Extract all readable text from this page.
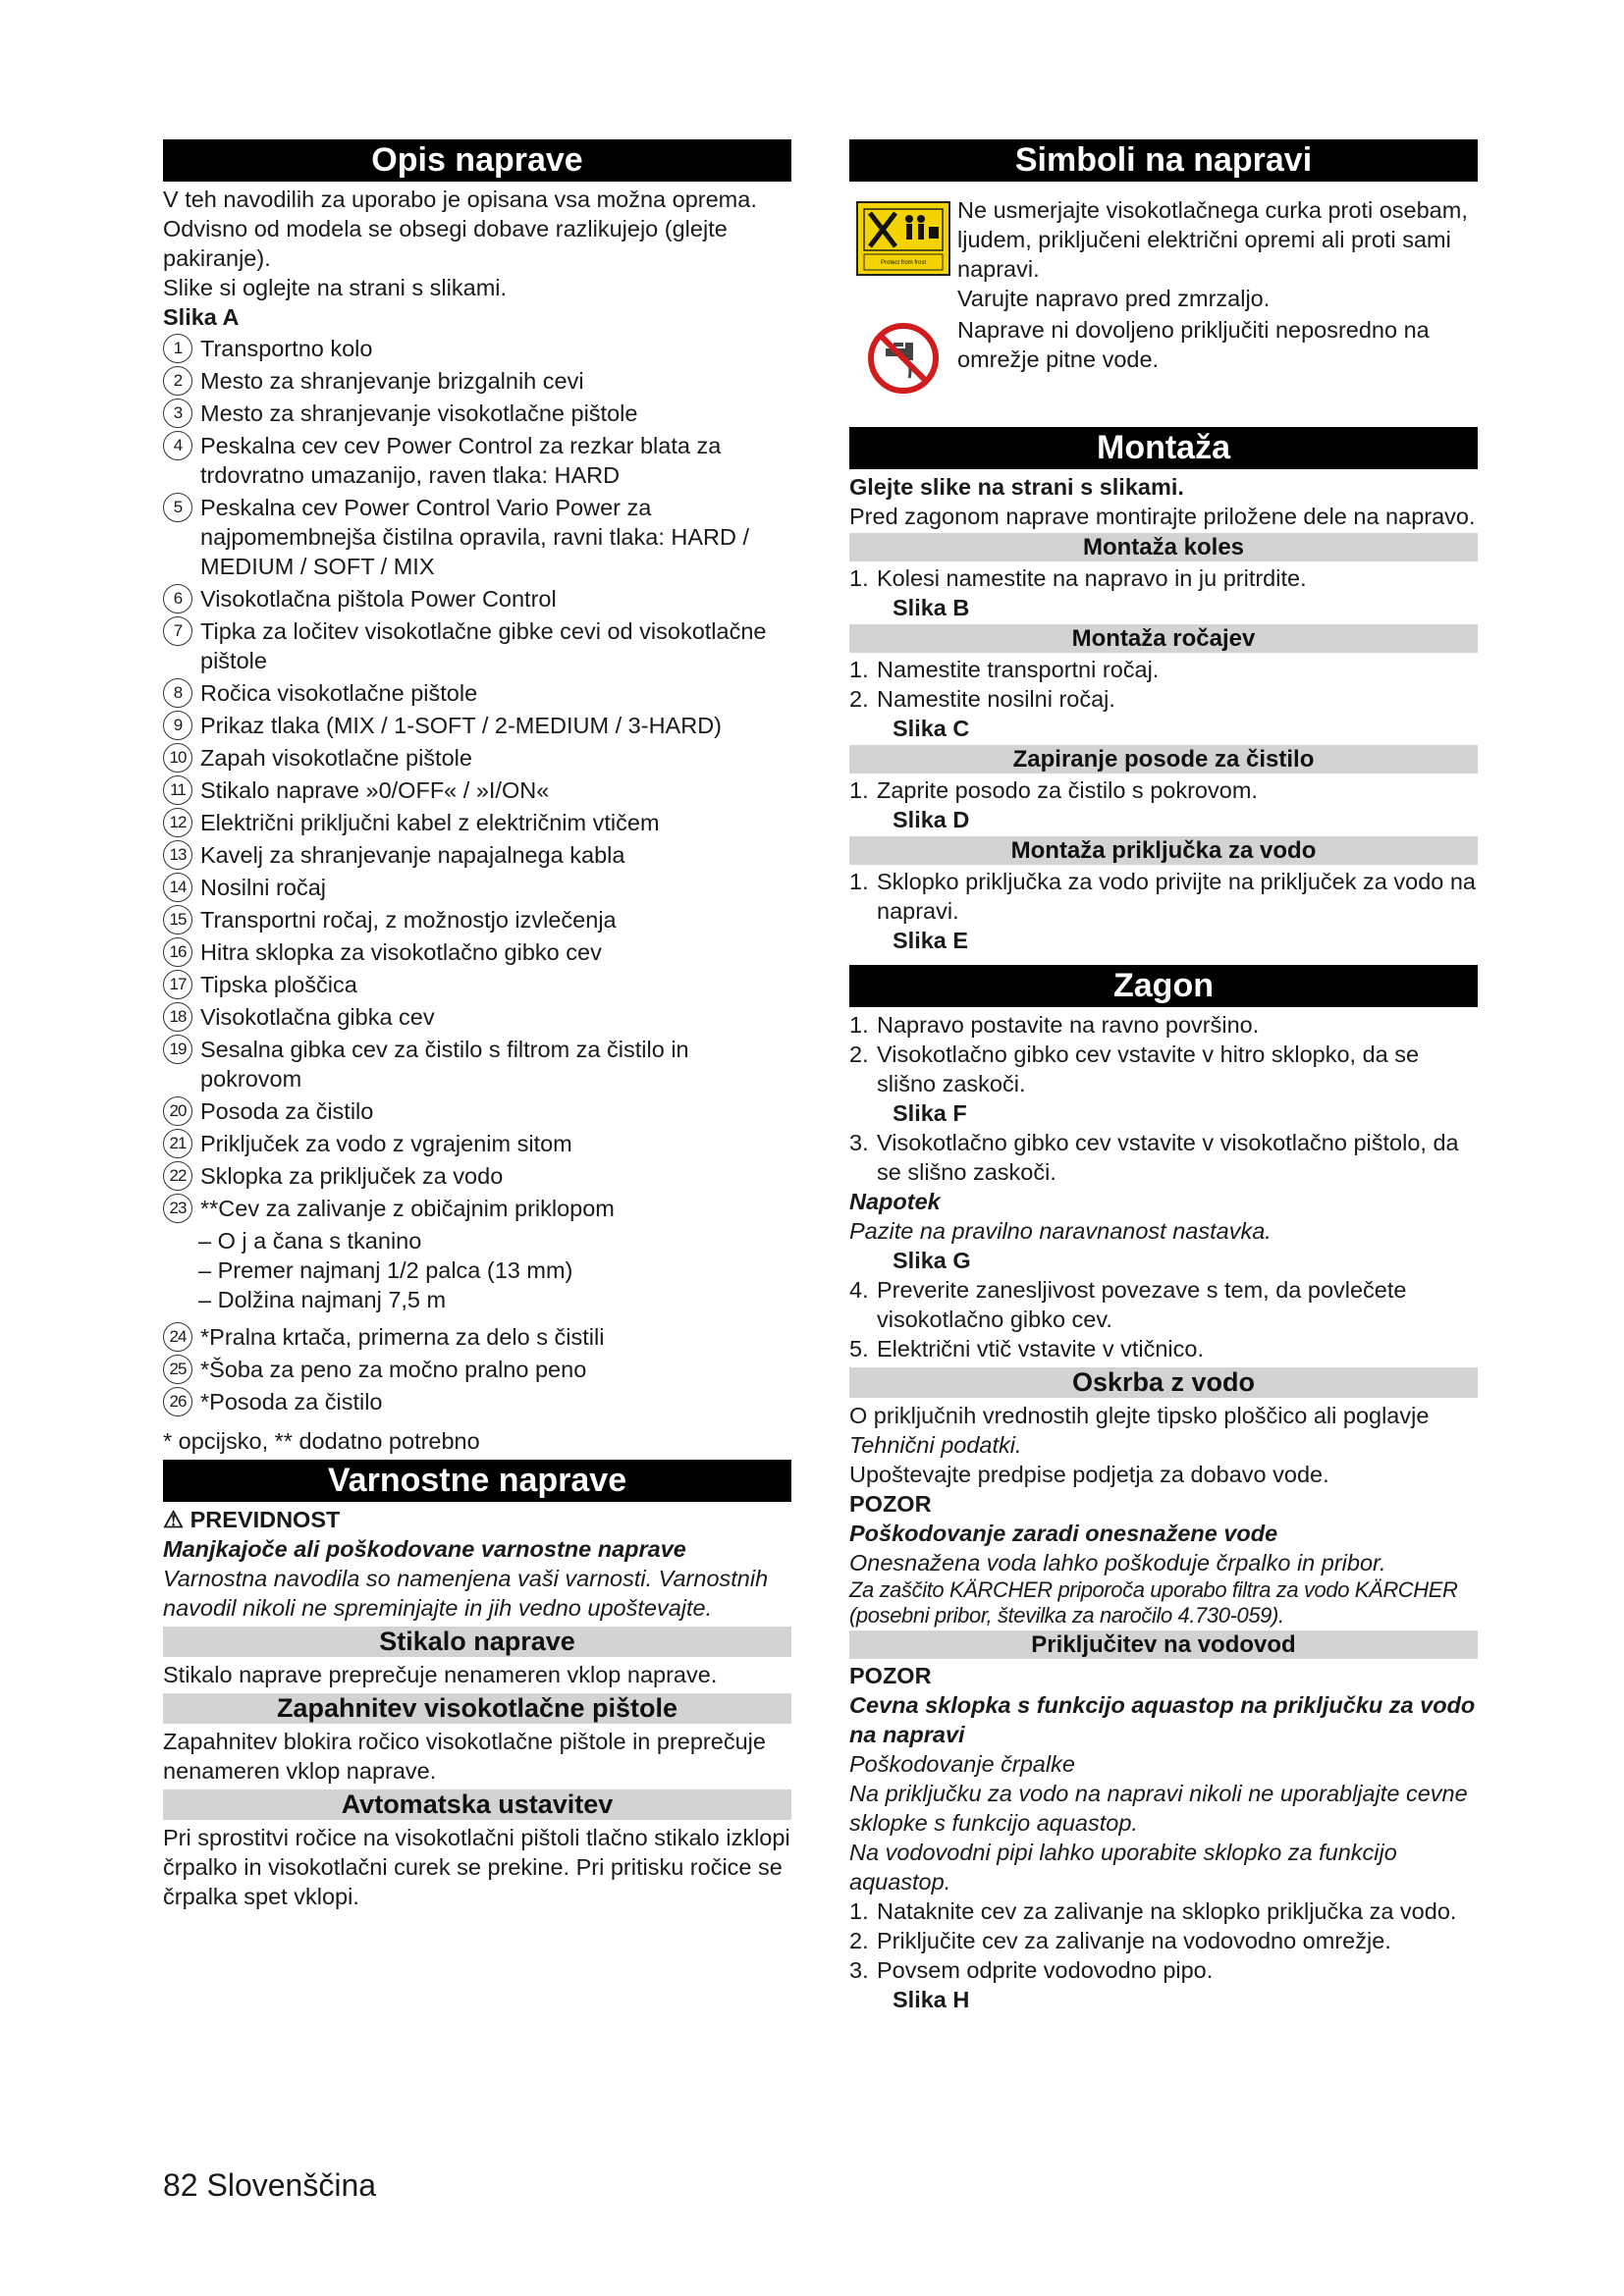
Opis naprave

V teh navodilih za uporabo je opisana vsa možna oprema. Odvisno od modela se obsegi dobave razlikujejo (glejte pakiranje).

Slike si oglejte na strani s slikami.

Slika A

1 Transportno kolo
2 Mesto za shranjevanje brizgalnih cevi
3 Mesto za shranjevanje visokotlačne pištole
4 Peskalna cev cev Power Control za rezkar blata za trdovratno umazanijo, raven tlaka: HARD
5 Peskalna cev Power Control Vario Power za najpomembnejša čistilna opravila, ravni tlaka: HARD / MEDIUM / SOFT / MIX
6 Visokotlačna pištola Power Control
7 Tipka za ločitev visokotlačne gibke cevi od visokotlačne pištole
8 Ročica visokotlačne pištole
9 Prikaz tlaka (MIX / 1-SOFT / 2-MEDIUM / 3-HARD)
10 Zapah visokotlačne pištole
11 Stikalo naprave »0/OFF« / »I/ON«
12 Električni priključni kabel z električnim vtičem
13 Kavelj za shranjevanje napajalnega kabla
14 Nosilni ročaj
15 Transportni ročaj, z možnostjo izvlečenja
16 Hitra sklopka za visokotlačno gibko cev
17 Tipska ploščica
18 Visokotlačna gibka cev
19 Sesalna gibka cev za čistilo s filtrom za čistilo in pokrovom
20 Posoda za čistilo
21 Priključek za vodo z vgrajenim sitom
22 Sklopka za priključek za vodo
23 **Cev za zalivanje z običajnim priklopom

– O j a čana s tkanino

– Premer najmanj 1/2 palca (13 mm)

– Dolžina najmanj 7,5 m

24 *Pralna krtača, primerna za delo s čistili
25 *Šoba za peno za močno pralno peno
26 *Posoda za čistilo

* opcijsko, ** dodatno potrebno

Varnostne naprave

⚠ PREVIDNOST

Manjkajoče ali poškodovane varnostne naprave

Varnostna navodila so namenjena vaši varnosti. Varnostnih navodil nikoli ne spreminjajte in jih vedno upoštevajte.

Stikalo naprave

Stikalo naprave preprečuje nenameren vklop naprave.

Zapahnitev visokotlačne pištole

Zapahnitev blokira ročico visokotlačne pištole in preprečuje nenameren vklop naprave.

Avtomatska ustavitev

Pri sprostitvi ročice na visokotlačni pištoli tlačno stikalo izklopi črpalko in visokotlačni curek se prekine. Pri pritisku ročice se črpalka spet vklopi.

Simboli na napravi
Protect from frost

Ne usmerjajte visokotlačnega curka proti osebam, ljudem, priključeni električni opremi ali proti sami napravi.

Varujte napravo pred zmrzaljo.

Naprave ni dovoljeno priključiti neposredno na omrežje pitne vode.

Montaža

Glejte slike na strani s slikami.

Pred zagonom naprave montirajte priložene dele na napravo.

Montaža koles
1. Kolesi namestite na napravo in ju pritrdite.

Slika B

Montaža ročajev
1. Namestite transportni ročaj.
2. Namestite nosilni ročaj.

Slika C

Zapiranje posode za čistilo
1. Zaprite posodo za čistilo s pokrovom.

Slika D

Montaža priključka za vodo
1. Sklopko priključka za vodo privijte na priključek za vodo na napravi.

Slika E

Zagon
1. Napravo postavite na ravno površino.
2. Visokotlačno gibko cev vstavite v hitro sklopko, da se slišno zaskoči.

Slika F

3. Visokotlačno gibko cev vstavite v visokotlačno pištolo, da se slišno zaskoči.

Napotek

Pazite na pravilno naravnanost nastavka.

Slika G

4. Preverite zanesljivost povezave s tem, da povlečete visokotlačno gibko cev.
5. Električni vtič vstavite v vtičnico.
Oskrba z vodo

O priključnih vrednostih glejte tipsko ploščico ali poglavje Tehnični podatki.

Upoštevajte predpise podjetja za dobavo vode.

POZOR

Poškodovanje zaradi onesnažene vode

Onesnažena voda lahko poškoduje črpalko in pribor.

Za zaščito KÄRCHER priporoča uporabo filtra za vodo KÄRCHER (posebni pribor, številka za naročilo 4.730-059).

Priključitev na vodovod

POZOR

Cevna sklopka s funkcijo aquastop na priključku za vodo na napravi

Poškodovanje črpalke

Na priključku za vodo na napravi nikoli ne uporabljajte cevne sklopke s funkcijo aquastop.

Na vodovodni pipi lahko uporabite sklopko za funkcijo aquastop.

1. Nataknite cev za zalivanje na sklopko priključka za vodo.
2. Priključite cev za zalivanje na vodovodno omrežje.
3. Povsem odprite vodovodno pipo.

Slika H

82 Slovenščina
